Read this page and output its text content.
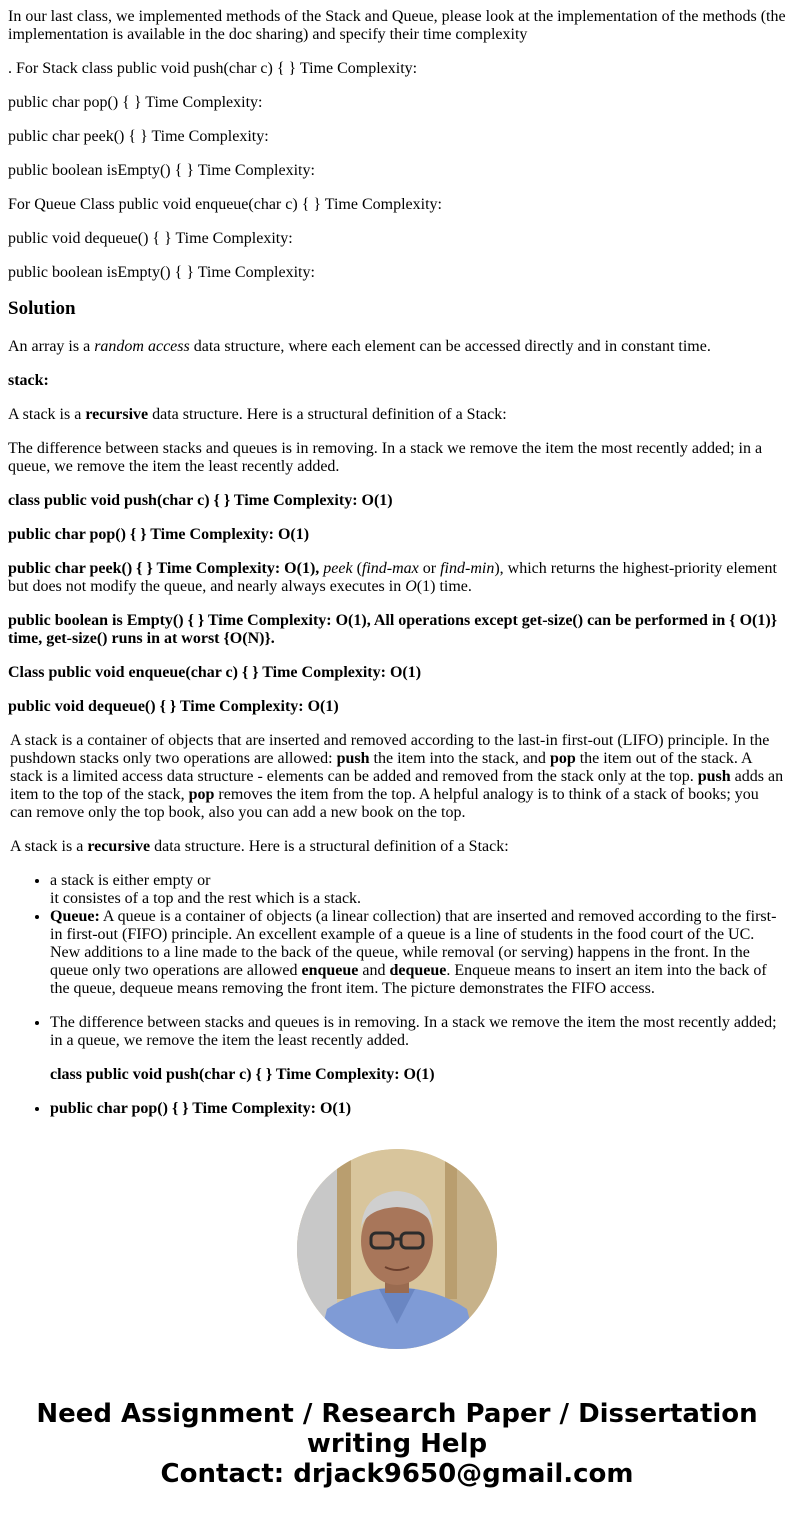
In our last class, we implemented methods of the Stack and Queue, please look at the implementation of the methods (the implementation is available in the doc sharing) and specify their time complexity

. For Stack class public void push(char c) { } Time Complexity:

public char pop() { } Time Complexity:

public char peek() { } Time Complexity:

public boolean isEmpty() { } Time Complexity:

For Queue Class public void enqueue(char c) { } Time Complexity:

public void dequeue() { } Time Complexity:

public boolean isEmpty() { } Time Complexity:

Solution

An array is a random access data structure, where each element can be accessed directly and in constant time.

stack:

A stack is a recursive data structure. Here is a structural definition of a Stack:

The difference between stacks and queues is in removing. In a stack we remove the item the most recently added; in a queue, we remove the item the least recently added.

class public void push(char c) { } Time Complexity: O(1)

public char pop() { } Time Complexity: O(1)

public char peek() { } Time Complexity: O(1), peek (find-max or find-min), which returns the highest-priority element but does not modify the queue, and nearly always executes in O(1) time.

public boolean is Empty() { } Time Complexity: O(1), All operations except get-size() can be performed in { O(1)} time, get-size() runs in at worst {O(N)}.

Class public void enqueue(char c) { } Time Complexity: O(1)

public void dequeue() { } Time Complexity: O(1)

A stack is a container of objects that are inserted and removed according to the last-in first-out (LIFO) principle. In the pushdown stacks only two operations are allowed: push the item into the stack, and pop the item out of the stack. A stack is a limited access data structure - elements can be added and removed from the stack only at the top. push adds an item to the top of the stack, pop removes the item from the top. A helpful analogy is to think of a stack of books; you can remove only the top book, also you can add a new book on the top.

A stack is a recursive data structure. Here is a structural definition of a Stack:

• a stack is either empty or
it consistes of a top and the rest which is a stack.

• Queue: A queue is a container of objects (a linear collection) that are inserted and removed according to the first-in first-out (FIFO) principle. An excellent example of a queue is a line of students in the food court of the UC. New additions to a line made to the back of the queue, while removal (or serving) happens in the front. In the queue only two operations are allowed enqueue and dequeue. Enqueue means to insert an item into the back of the queue, dequeue means removing the front item. The picture demonstrates the FIFO access.

• The difference between stacks and queues is in removing. In a stack we remove the item the most recently added; in a queue, we remove the item the least recently added.

class public void push(char c) { } Time Complexity: O(1)

• public char pop() { } Time Complexity: O(1)
Need Assignment / Research Paper / Dissertation
writing Help
Contact: drjack9650@gmail.com
